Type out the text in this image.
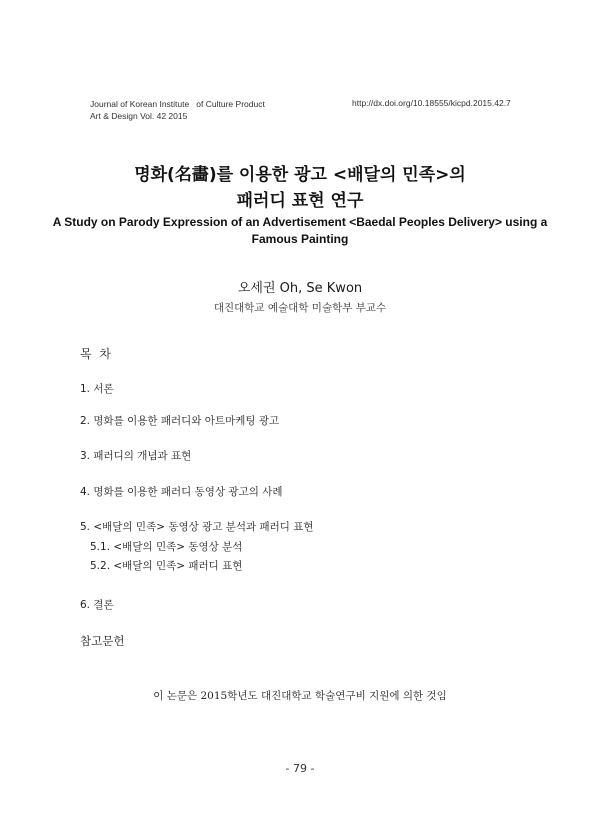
Journal of Korean Institute   of Culture Product
Art & Design Vol. 42 2015
http://dx.doi.org/10.18555/kicpd.2015.42.7
명화(名畵)를 이용한 광고 <배달의 민족>의
패러디 표현 연구
A Study on Parody Expression of an Advertisement <Baedal Peoples Delivery> using a
Famous Painting
오세권 Oh, Se Kwon
대진대학교 예술대학 미술학부 부교수
목 차
1. 서론
2. 명화를 이용한 패러디와 아트마케팅 광고
3. 패러디의 개념과 표현
4. 명화를 이용한 패러디 동영상 광고의 사례
5. <배달의 민족> 동영상 광고 분석과 패러디 표현
5.1. <배달의 민족> 동영상 분석
5.2. <배달의 민족> 패러디 표현
6. 결론
참고문헌
이 논문은 2015학년도 대진대학교 학술연구비 지원에 의한 것임
- 79 -
